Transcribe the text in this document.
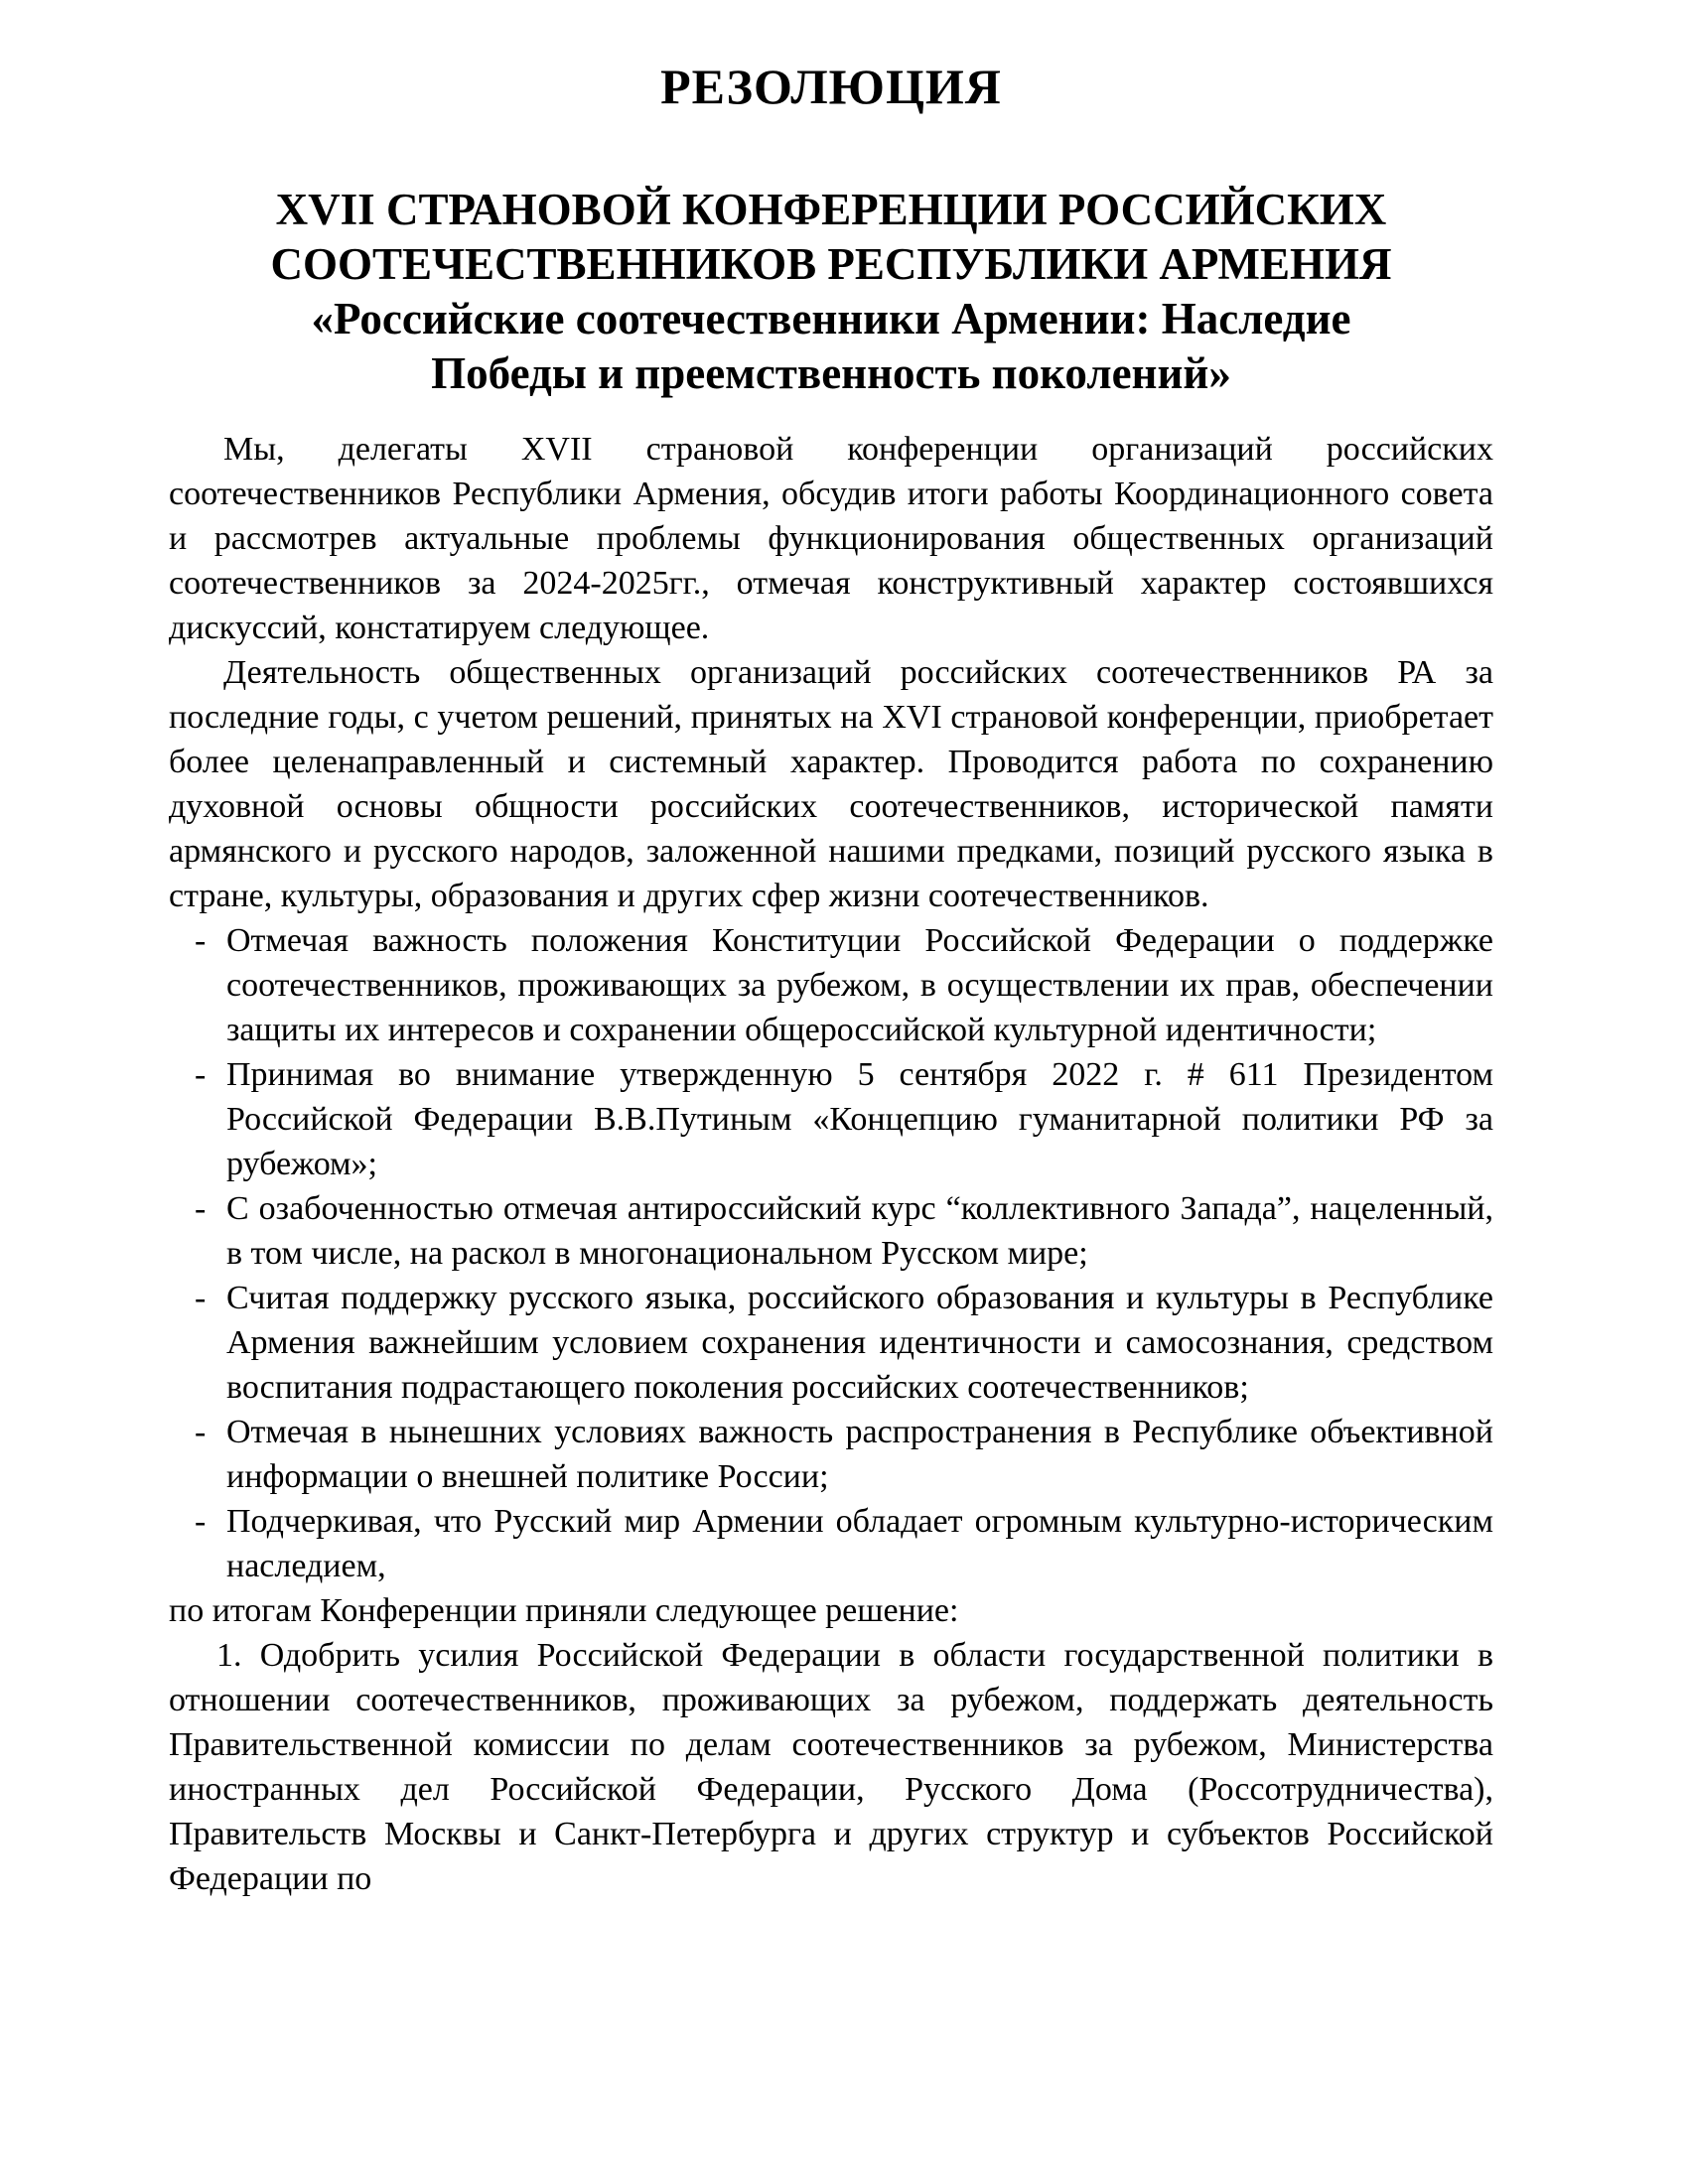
РЕЗОЛЮЦИЯ
XVII СТРАНОВОЙ КОНФЕРЕНЦИИ РОССИЙСКИХ
СООТЕЧЕСТВЕННИКОВ РЕСПУБЛИКИ АРМЕНИЯ
«Российские соотечественники Армении: Наследие
Победы и преемственность поколений»

Мы, делегаты XVII страновой конференции организаций российских соотечественников Республики Армения, обсудив итоги работы Координационного совета и рассмотрев актуальные проблемы функционирования общественных организаций соотечественников за 2024-2025гг., отмечая конструктивный характер состоявшихся дискуссий, констатируем следующее.

Деятельность общественных организаций российских соотечественников РА за последние годы, с учетом решений, принятых на XVI страновой конференции, приобретает более целенаправленный и системный характер. Проводится работа по сохранению духовной основы общности российских соотечественников, исторической памяти армянского и русского народов, заложенной нашими предками, позиций русского языка в стране, культуры, образования и других сфер жизни соотечественников.

- Отмечая важность положения Конституции Российской Федерации о поддержке соотечественников, проживающих за рубежом, в осуществлении их прав, обеспечении защиты их интересов и сохранении общероссийской культурной идентичности;
- Принимая во внимание утвержденную 5 сентября 2022 г. # 611 Президентом Российской Федерации В.В.Путиным «Концепцию гуманитарной политики РФ за рубежом»;
- С озабоченностью отмечая антироссийский курс “коллективного Запада”, нацеленный, в том числе, на раскол в многонациональном Русском мире;
- Считая поддержку русского языка, российского образования и культуры в Республике Армения важнейшим условием сохранения идентичности и самосознания, средством воспитания подрастающего поколения российских соотечественников;
- Отмечая в нынешних условиях важность распространения в Республике объективной информации о внешней политике России;
- Подчеркивая, что Русский мир Армении обладает огромным культурно-историческим наследием,

по итогам Конференции приняли следующее решение:

1. Одобрить усилия Российской Федерации в области государственной политики в отношении соотечественников, проживающих за рубежом, поддержать деятельность Правительственной комиссии по делам соотечественников за рубежом, Министерства иностранных дел Российской Федерации, Русского Дома (Россотрудничества), Правительств Москвы и Санкт-Петербурга и других структур и субъектов Российской Федерации по
